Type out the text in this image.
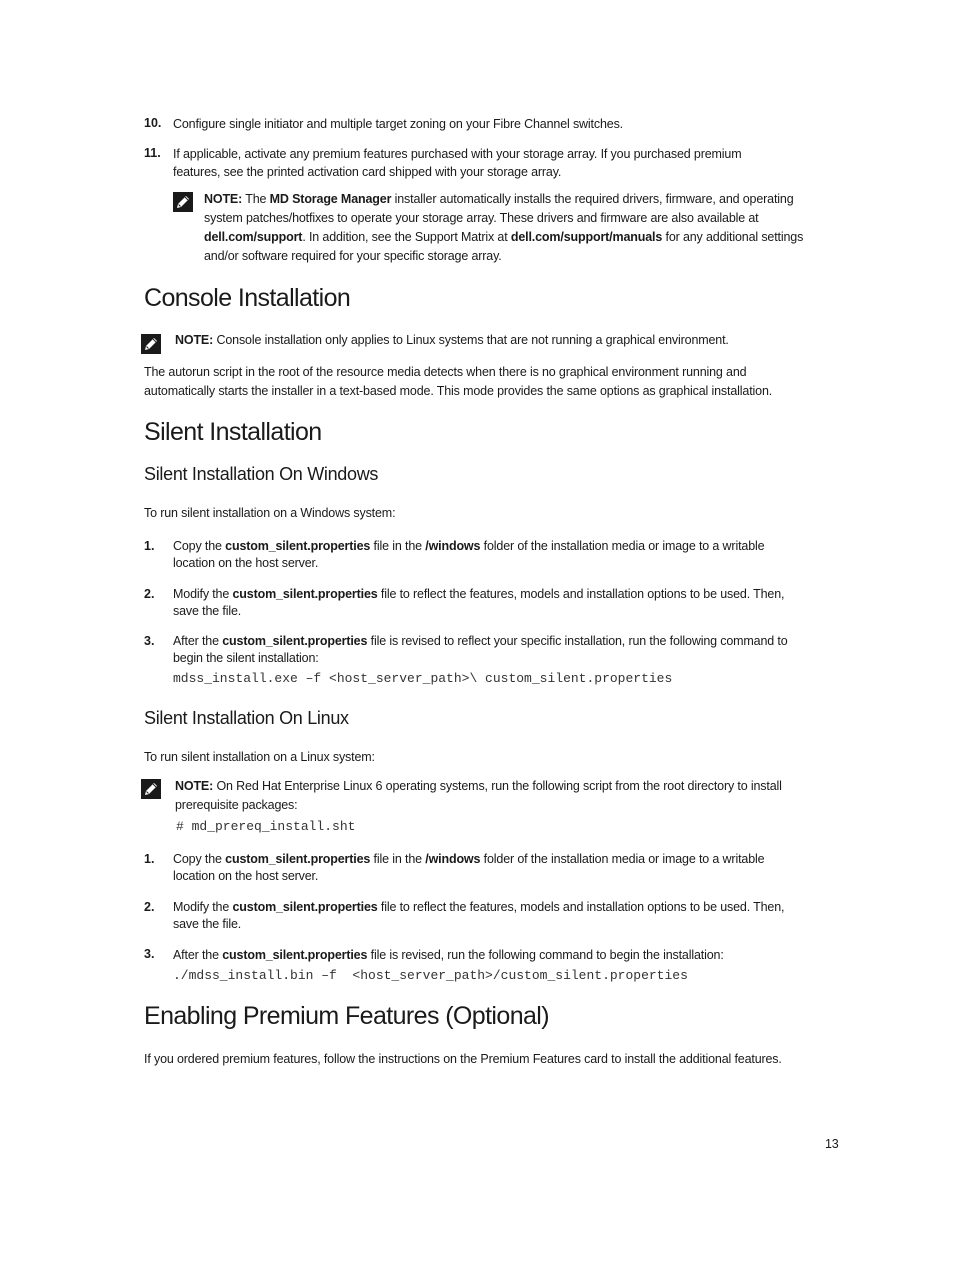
10. Configure single initiator and multiple target zoning on your Fibre Channel switches.
11. If applicable, activate any premium features purchased with your storage array. If you purchased premium
features, see the printed activation card shipped with your storage array.
NOTE: The MD Storage Manager installer automatically installs the required drivers, firmware, and operating
system patches/hotfixes to operate your storage array. These drivers and firmware are also available at
dell.com/support. In addition, see the Support Matrix at dell.com/support/manuals for any additional settings
and/or software required for your specific storage array.
Console Installation
NOTE: Console installation only applies to Linux systems that are not running a graphical environment.
The autorun script in the root of the resource media detects when there is no graphical environment running and
automatically starts the installer in a text-based mode. This mode provides the same options as graphical installation.
Silent Installation
Silent Installation On Windows
To run silent installation on a Windows system:
1. Copy the custom_silent.properties file in the /windows folder of the installation media or image to a writable
location on the host server.
2. Modify the custom_silent.properties file to reflect the features, models and installation options to be used. Then,
save the file.
3. After the custom_silent.properties file is revised to reflect your specific installation, run the following command to
begin the silent installation:
mdss_install.exe –f <host_server_path>\ custom_silent.properties
Silent Installation On Linux
To run silent installation on a Linux system:
NOTE: On Red Hat Enterprise Linux 6 operating systems, run the following script from the root directory to install
prerequisite packages:
# md_prereq_install.sht
1. Copy the custom_silent.properties file in the /windows folder of the installation media or image to a writable
location on the host server.
2. Modify the custom_silent.properties file to reflect the features, models and installation options to be used. Then,
save the file.
3. After the custom_silent.properties file is revised, run the following command to begin the installation:
./mdss_install.bin –f  <host_server_path>/custom_silent.properties
Enabling Premium Features (Optional)
If you ordered premium features, follow the instructions on the Premium Features card to install the additional features.
13
